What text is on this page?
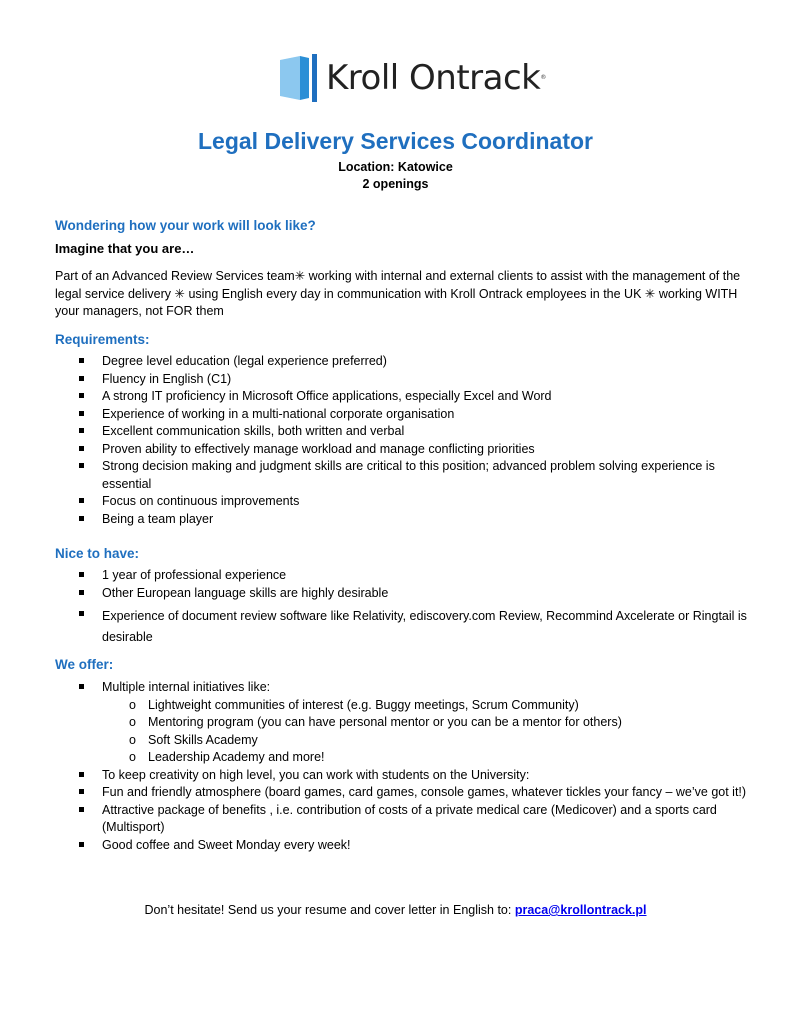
Kroll Ontrack®
Legal Delivery Services Coordinator
Location: Katowice
2 openings
Wondering how your work will look like?
Imagine that you are…
Part of an Advanced Review Services team✳ working with internal and external clients to assist with the management of the legal service delivery ✳ using English every day in communication with Kroll Ontrack employees in the UK ✳ working WITH your managers, not FOR them
Requirements:
Degree level education (legal experience preferred)
Fluency in English (C1)
A strong IT proficiency in Microsoft Office applications, especially Excel and Word
Experience of working in a multi-national corporate organisation
Excellent communication skills, both written and verbal
Proven ability to effectively manage workload and manage conflicting priorities
Strong decision making and judgment skills are critical to this position; advanced problem solving experience is essential
Focus on continuous improvements
Being a team player
Nice to have:
1 year of professional experience
Other European language skills are highly desirable
Experience of document review software like Relativity, ediscovery.com Review, Recommind Axcelerate or Ringtail is desirable
We offer:
Multiple internal initiatives like:
o Lightweight communities of interest (e.g. Buggy meetings, Scrum Community)
o Mentoring program (you can have personal mentor or you can be a mentor for others)
o Soft Skills Academy
o Leadership Academy and more!
To keep creativity on high level, you can work with students on the University:
Fun and friendly atmosphere (board games, card games, console games, whatever tickles your fancy – we’ve got it!)
Attractive package of benefits , i.e. contribution of costs of a private medical care (Medicover) and a sports card (Multisport)
Good coffee and Sweet Monday every week!
Don’t hesitate! Send us your resume and cover letter in English to: praca@krollontrack.pl
